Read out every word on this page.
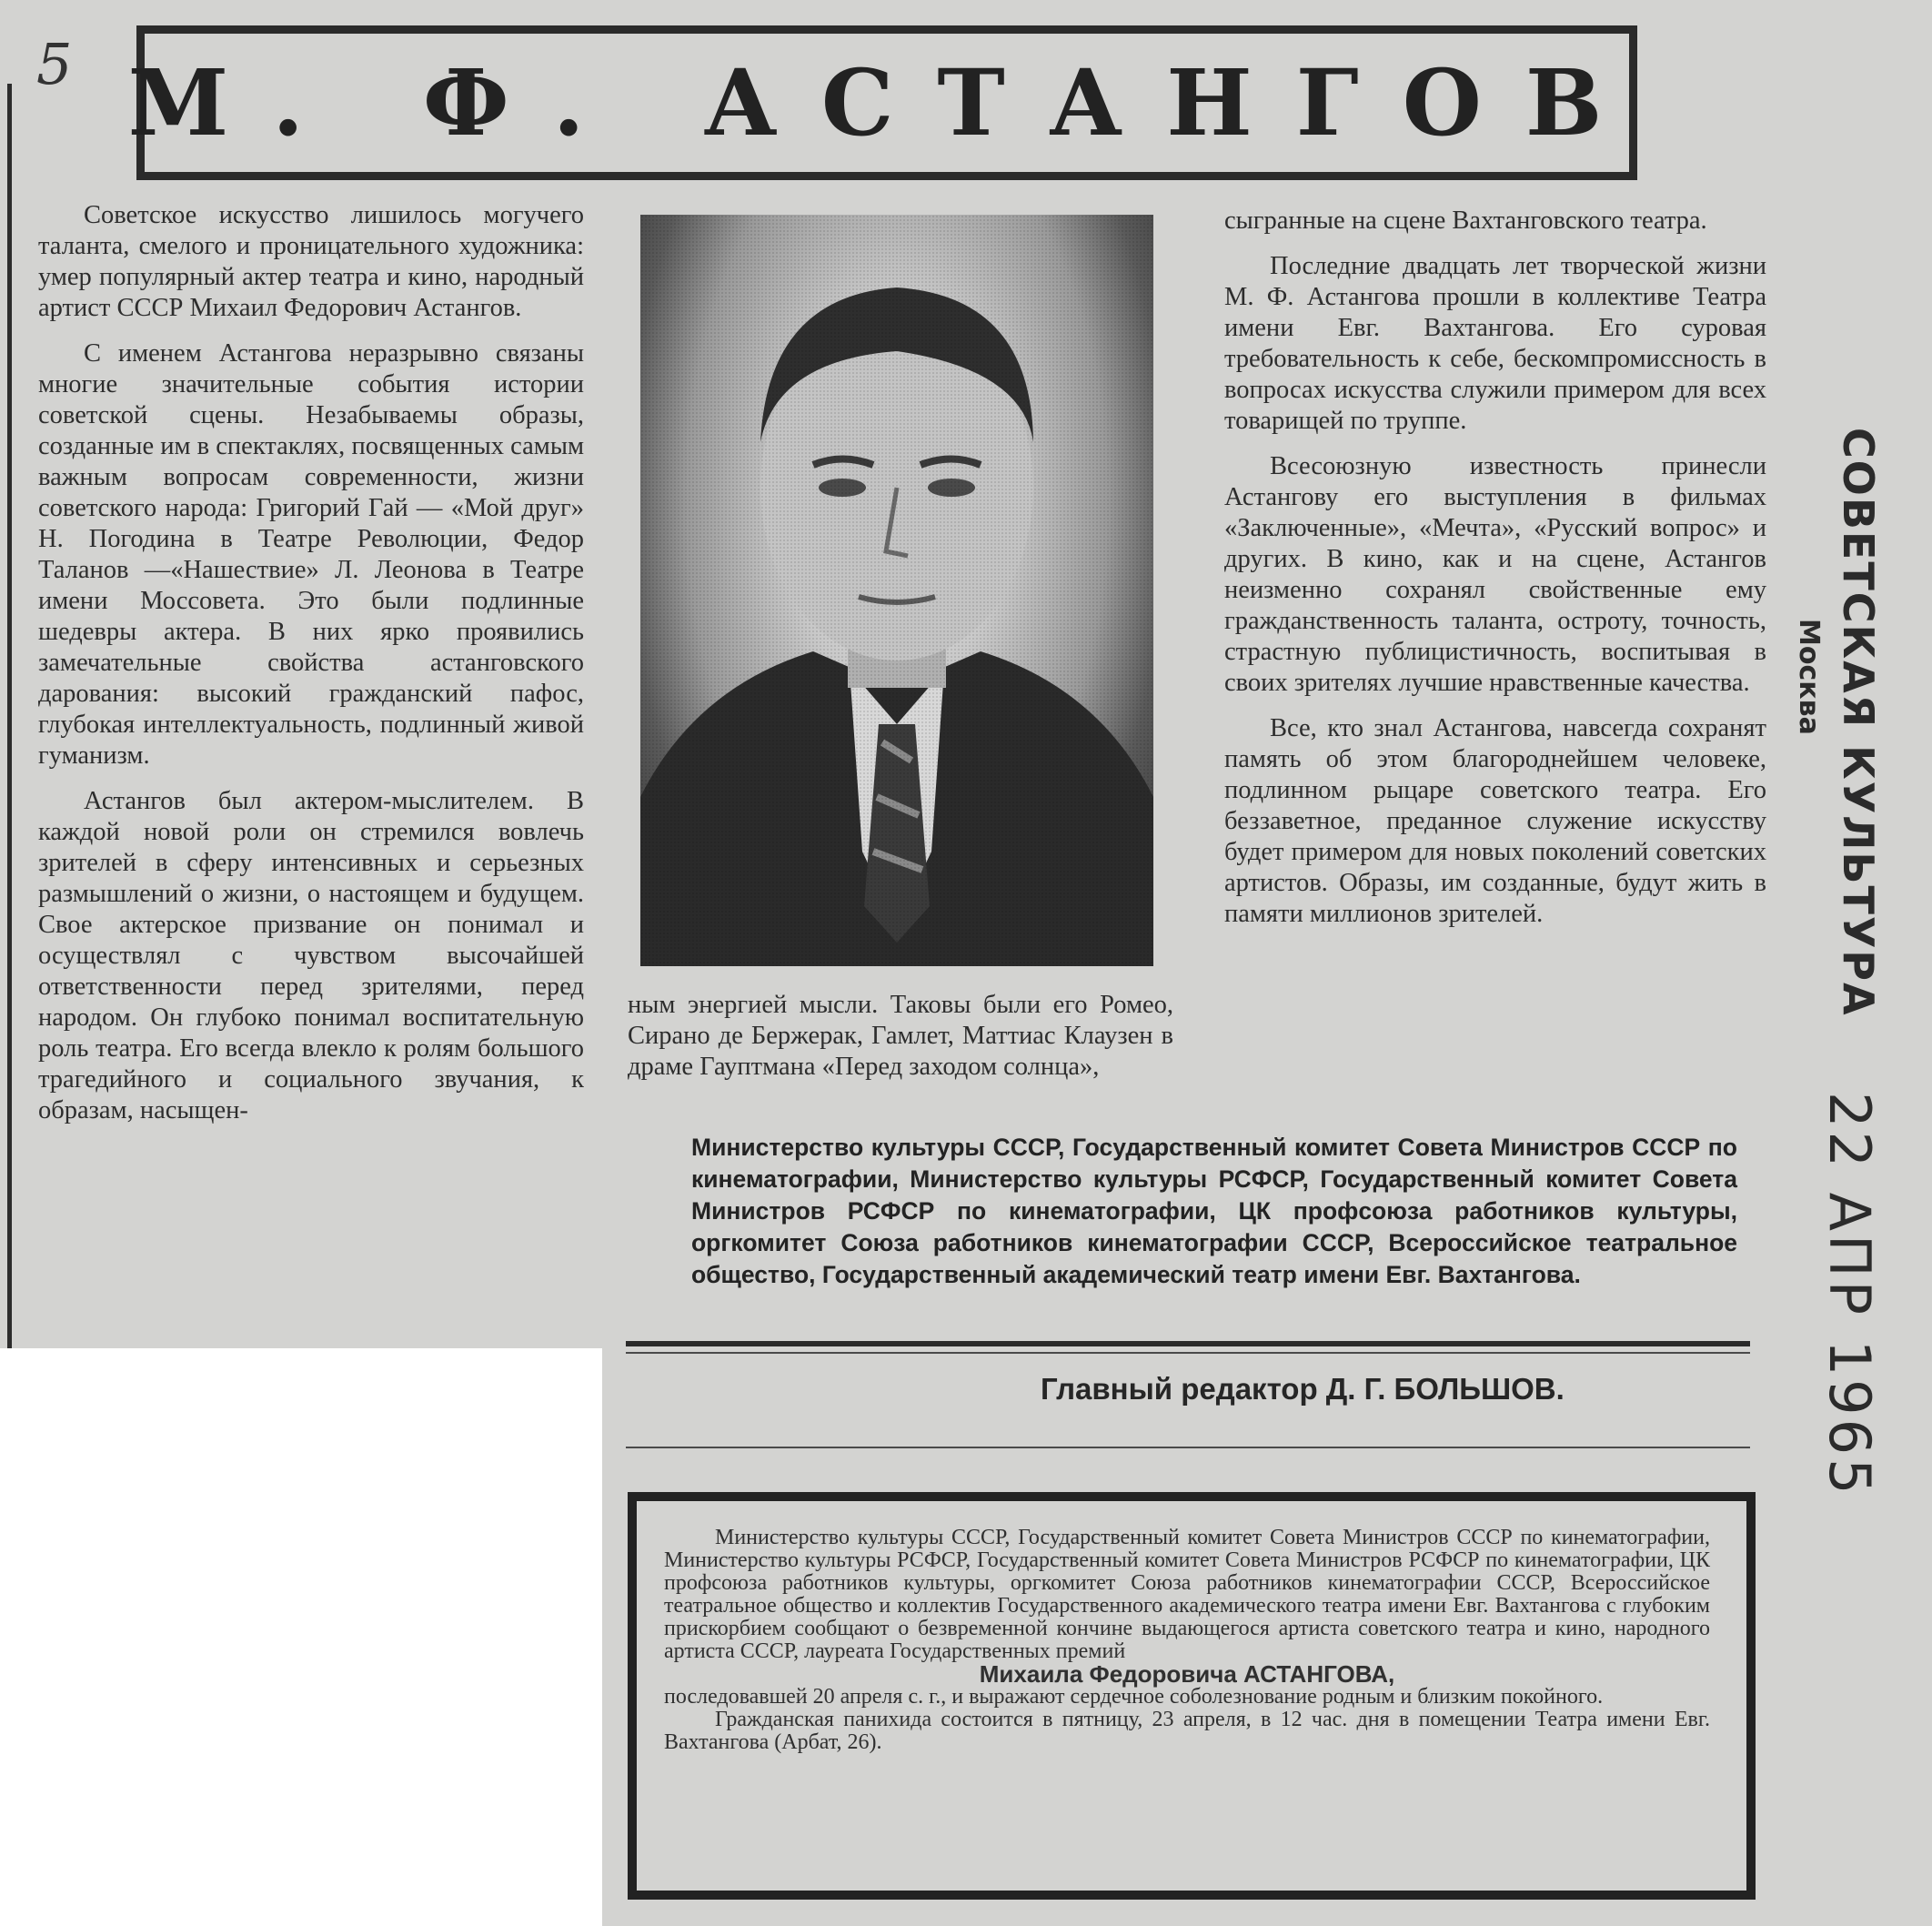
5 М. Ф. АСТАНГОВ

Советское искусство лишилось могучего таланта, смелого и проницательного художника: умер популярный актер театра и кино, народный артист СССР Михаил Федорович Астангов.

С именем Астангова неразрывно связаны многие значительные события истории советской сцены. Незабываемы образы, созданные им в спектаклях, посвященных самым важным вопросам современности, жизни советского народа: Григорий Гай — «Мой друг» Н. Погодина в Театре Революции, Федор Таланов —«Нашествие» Л. Леонова в Театре имени Моссовета. Это были подлинные шедевры актера. В них ярко проявились замечательные свойства астанговского дарования: высокий гражданский пафос, глубокая интеллектуальность, подлинный живой гуманизм.

Астангов был актером-мыслителем. В каждой новой роли он стремился вовлечь зрителей в сферу интенсивных и серьезных размышлений о жизни, о настоящем и будущем. Свое актерское призвание он понимал и осуществлял с чувством высочайшей ответственности перед зрителями, перед народом. Он глубоко понимал воспитательную роль театра. Его всегда влекло к ролям большого трагедийного и социального звучания, к образам, насыщен-

ным энергией мысли. Таковы были его Ромео, Сирано де Бержерак, Гамлет, Маттиас Клаузен в драме Гауптмана «Перед заходом солнца»,

сыгранные на сцене Вахтанговского театра.

Последние двадцать лет творческой жизни М. Ф. Астангова прошли в коллективе Театра имени Евг. Вахтангова. Его суровая требовательность к себе, бескомпромиссность в вопросах искусства служили примером для всех товарищей по труппе.

Всесоюзную известность принесли Астангову его выступления в фильмах «Заключенные», «Мечта», «Русский вопрос» и других. В кино, как и на сцене, Астангов неизменно сохранял свойственные ему гражданственность таланта, остроту, точность, страстную публицистичность, воспитывая в своих зрителях лучшие нравственные качества.

Все, кто знал Астангова, навсегда сохранят память об этом благороднейшем человеке, подлинном рыцаре советского театра. Его беззаветное, преданное служение искусству будет примером для новых поколений советских артистов. Образы, им созданные, будут жить в памяти миллионов зрителей.

Министерство культуры СССР, Государственный комитет Совета Министров СССР по кинематографии, Министерство культуры РСФСР, Государственный комитет Совета Министров РСФСР по кинематографии, ЦК профсоюза работников культуры, оргкомитет Союза работников кинематографии СССР, Всероссийское театральное общество, Государственный академический театр имени Евг. Вахтангова.
Главный редактор Д. Г. БОЛЬШОВ.

Министерство культуры СССР, Государственный комитет Совета Министров СССР по кинематографии, Министерство культуры РСФСР, Государственный комитет Совета Министров РСФСР по кинематографии, ЦК профсоюза работников культуры, оргкомитет Союза работников кинематографии СССР, Всероссийское театральное общество и коллектив Государственного академического театра имени Евг. Вахтангова с глубоким прискорбием сообщают о безвременной кончине выдающегося артиста советского театра и кино, народного артиста СССР, лауреата Государственных премий

Михаила Федоровича АСТАНГОВА,

последовавшей 20 апреля с. г., и выражают сердечное соболезнование родным и близким покойного.

Гражданская панихида состоится в пятницу, 23 апреля, в 12 час. дня в помещении Театра имени Евг. Вахтангова (Арбат, 26).

СОВЕТСКАЯ КУЛЬТУРА
Москва
22 АПР 1965
